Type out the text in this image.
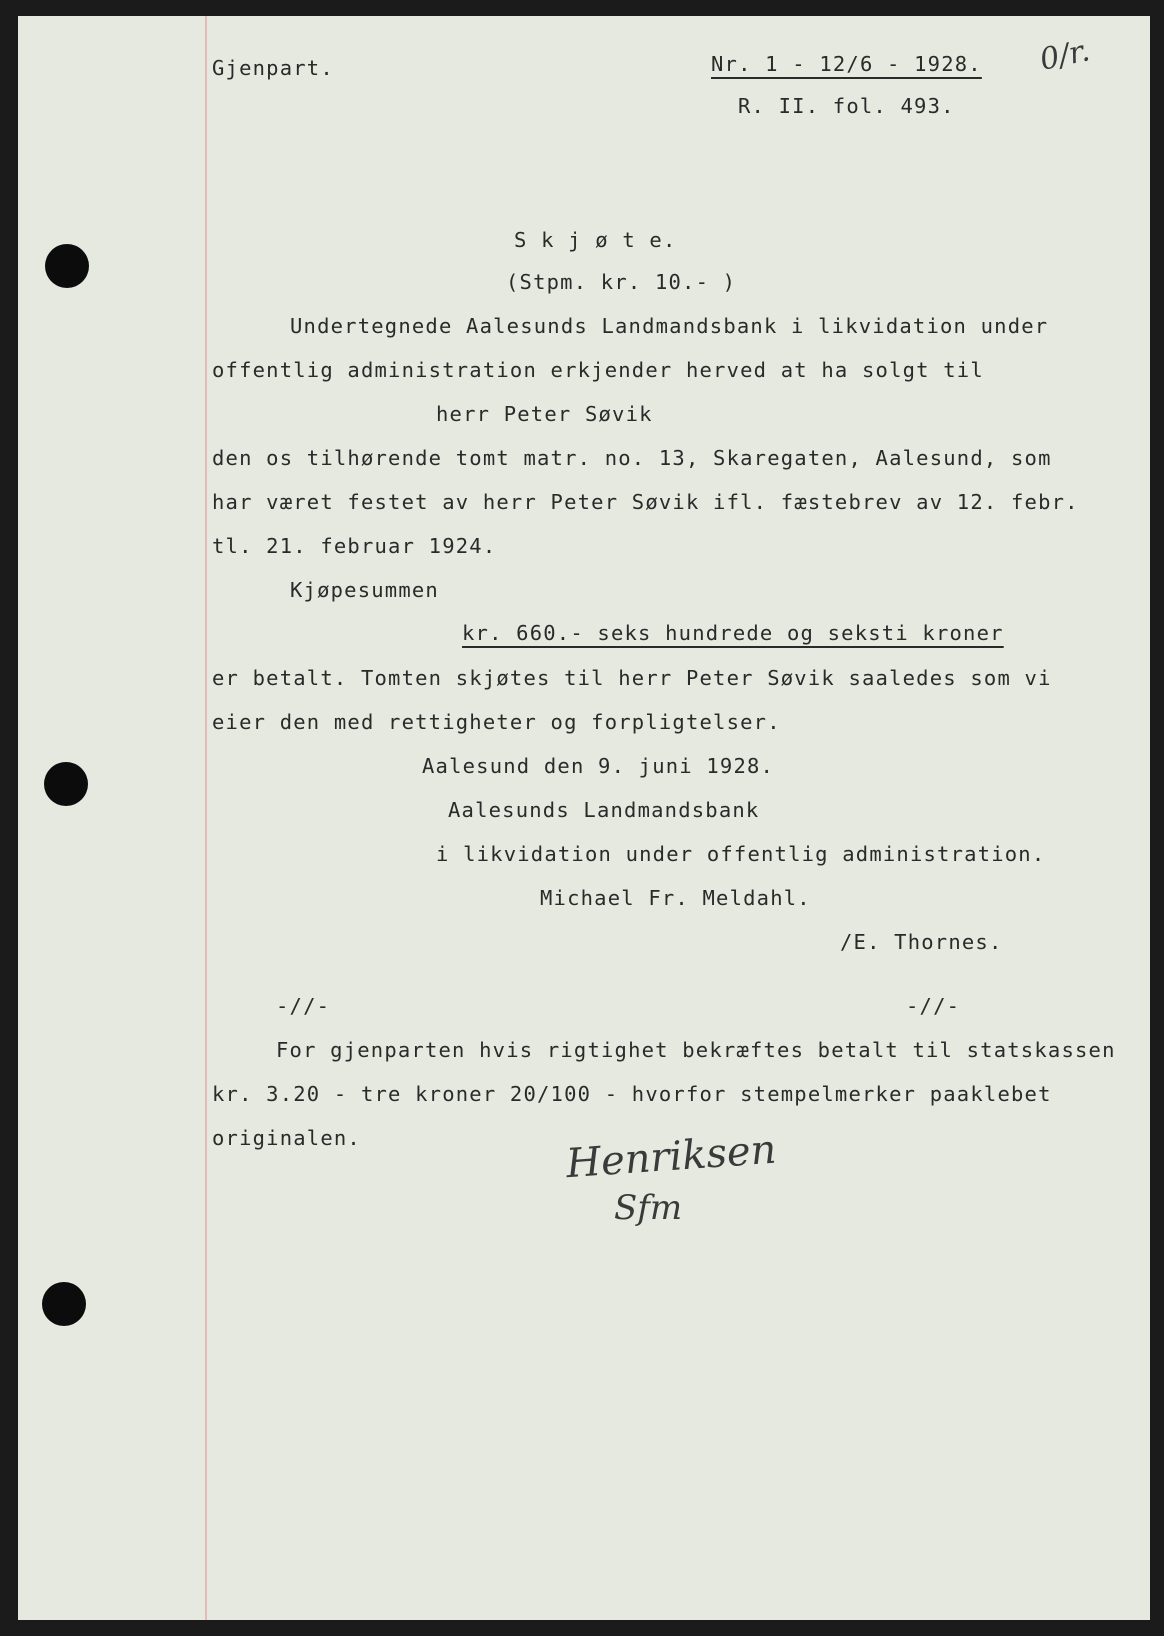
Gjenpart.	Nr. 1 - 12/6 - 1928.
R. II. fol. 493.
0/r.
S k j ø t e.
(Stpm. kr. 10.- )
Undertegnede Aalesunds Landmandsbank i likvidation under
offentlig administration erkjender herved at ha solgt til
herr Peter Søvik
den os tilhørende tomt matr. no. 13, Skaregaten, Aalesund, som
har været festet av herr Peter Søvik ifl. fæstebrev av 12. febr.
tl. 21. februar 1924.
Kjøpesummen
kr. 660.- seks hundrede og seksti kroner
er betalt. Tomten skjøtes til herr Peter Søvik saaledes som vi
eier den med rettigheter og forpligtelser.
Aalesund den 9. juni 1928.
Aalesunds Landmandsbank
i likvidation under offentlig administration.
Michael Fr. Meldahl.
/E. Thornes.
-//-	-//-
For gjenparten hvis rigtighet bekræftes betalt til statskassen
kr. 3.20 - tre kroner 20/100 - hvorfor stempelmerker paaklebet
originalen.	Henriksen
Sfm
